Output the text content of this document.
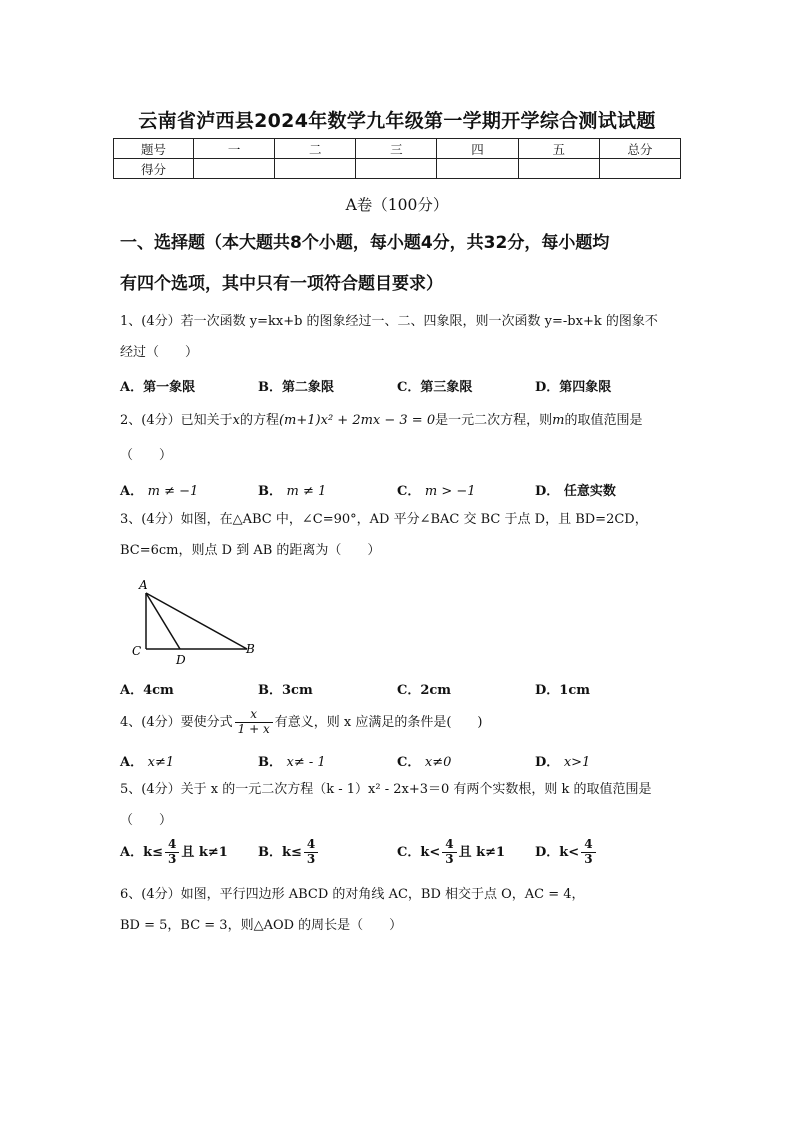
云南省泸西县2024年数学九年级第一学期开学综合测试试题
题号	一	二	三	四	五	总分
得分						
A卷（100分）
一、选择题（本大题共8个小题，每小题4分，共32分，每小题均
有四个选项，其中只有一项符合题目要求）
1、(4分）若一次函数 y=kx+b 的图象经过一、二、四象限，则一次函数 y=-bx+k 的图象不
经过（　　）
A．第一象限	B．第二象限	C．第三象限	D．第四象限
2、(4分）已知关于x的方程(m+1)x² + 2mx − 3 = 0是一元二次方程，则m的取值范围是
（　　）
A． m ≠ −1	B． m ≠ 1	C． m > −1	D． 任意实数
3、(4分）如图，在△ABC 中，∠C=90°，AD 平分∠BAC 交 BC 于点 D，且 BD=2CD，
BC=6cm，则点 D 到 AB 的距离为（　　）
A
B
C
D
A．4cm	B．3cm	C．2cm	D．1cm
4、(4分）要使分式 $\frac{x}{1 + x}$ 有意义，则 x 应满足的条件是(　　)
A． x≠1	B． x≠ - 1	C． x≠0	D． x>1
5、(4分）关于 x 的一元二次方程（k - 1）x² - 2x+3＝0 有两个实数根，则 k 的取值范围是
（　　）
A．$k\le \frac{4}{3}$ 且 k≠1 B．$k\le \frac{4}{3}$	C．$k< \frac{4}{3}$ 且 k≠1 D．$k< \frac{4}{3}$
6、(4分）如图，平行四边形 ABCD 的对角线 AC，BD 相交于点 O，AC = 4，
BD = 5，BC = 3，则△AOD 的周长是（　　）
